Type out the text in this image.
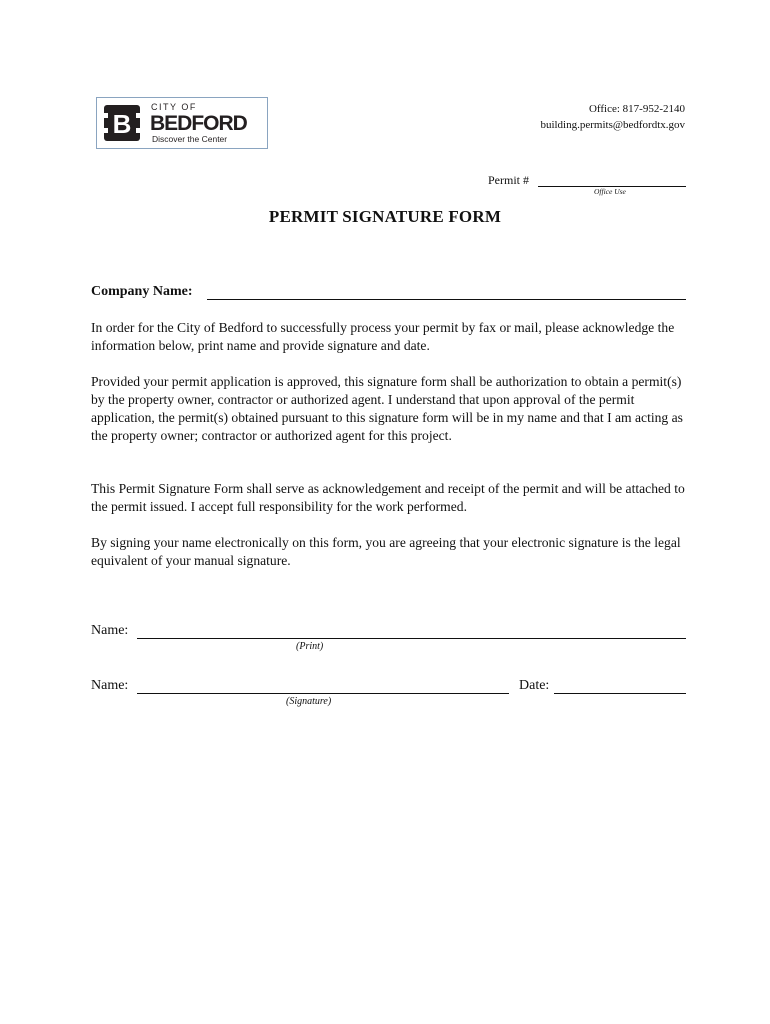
B
CITY OF
BEDFORD
Discover the Center
Office: 817-952-2140
building.permits@bedfordtx.gov
Permit #
Office Use
PERMIT SIGNATURE FORM
Company Name:

In order for the City of Bedford to successfully process your permit by fax or mail, please acknowledge the information below, print name and provide signature and date.

Provided your permit application is approved, this signature form shall be authorization to obtain a permit(s) by the property owner, contractor or authorized agent. I understand that upon approval of the permit application, the permit(s) obtained pursuant to this signature form will be in my name and that I am acting as the property owner; contractor or authorized agent for this project.

This Permit Signature Form shall serve as acknowledgement and receipt of the permit and will be attached to the permit issued. I accept full responsibility for the work performed.

By signing your name electronically on this form, you are agreeing that your electronic signature is the legal equivalent of your manual signature.

Name:
(Print)
Name:
(Signature)
Date:
